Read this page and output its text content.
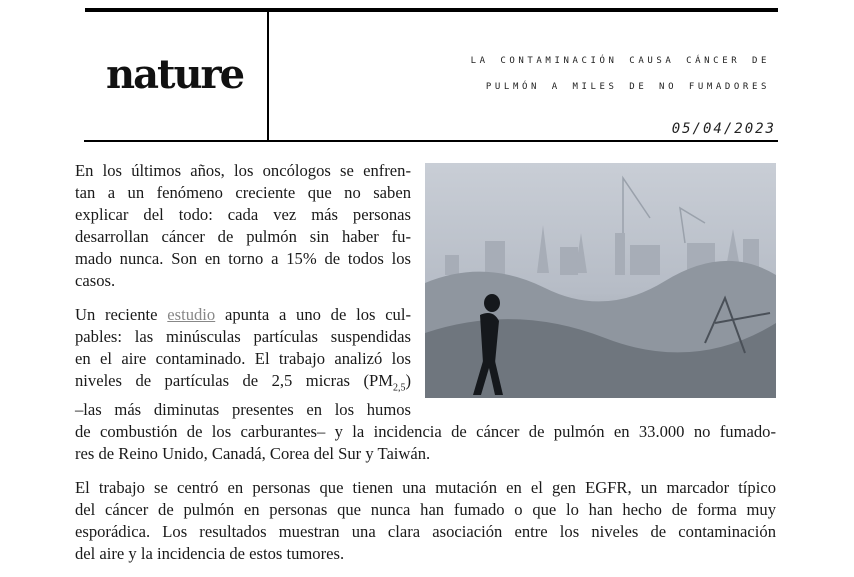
nature	la contaminación causa cáncer de
pulmón a miles de no fumadores
05/04/2023

En los últimos años, los oncólogos se enfren-
tan a un fenómeno creciente que no saben
explicar del todo: cada vez más personas
desarrollan cáncer de pulmón sin haber fu-
mado nunca. Son en torno a 15% de todos los
casos.

Un reciente estudio apunta a uno de los cul-
pables: las minúsculas partículas suspendidas
en el aire contaminado. El trabajo analizó los
niveles de partículas de 2,5 micras $(PM_{2,5})$
–las más diminutas presentes en los humos
de combustión de los carburantes– y la incidencia de cáncer de pulmón en 33.000 no fumado-
res de Reino Unido, Canadá, Corea del Sur y Taiwán.

El trabajo se centró en personas que tienen una mutación en el gen EGFR, un marcador típico
del cáncer de pulmón en personas que nunca han fumado o que lo han hecho de forma muy
esporádica. Los resultados muestran una clara asociación entre los niveles de contaminación
del aire y la incidencia de estos tumores.
